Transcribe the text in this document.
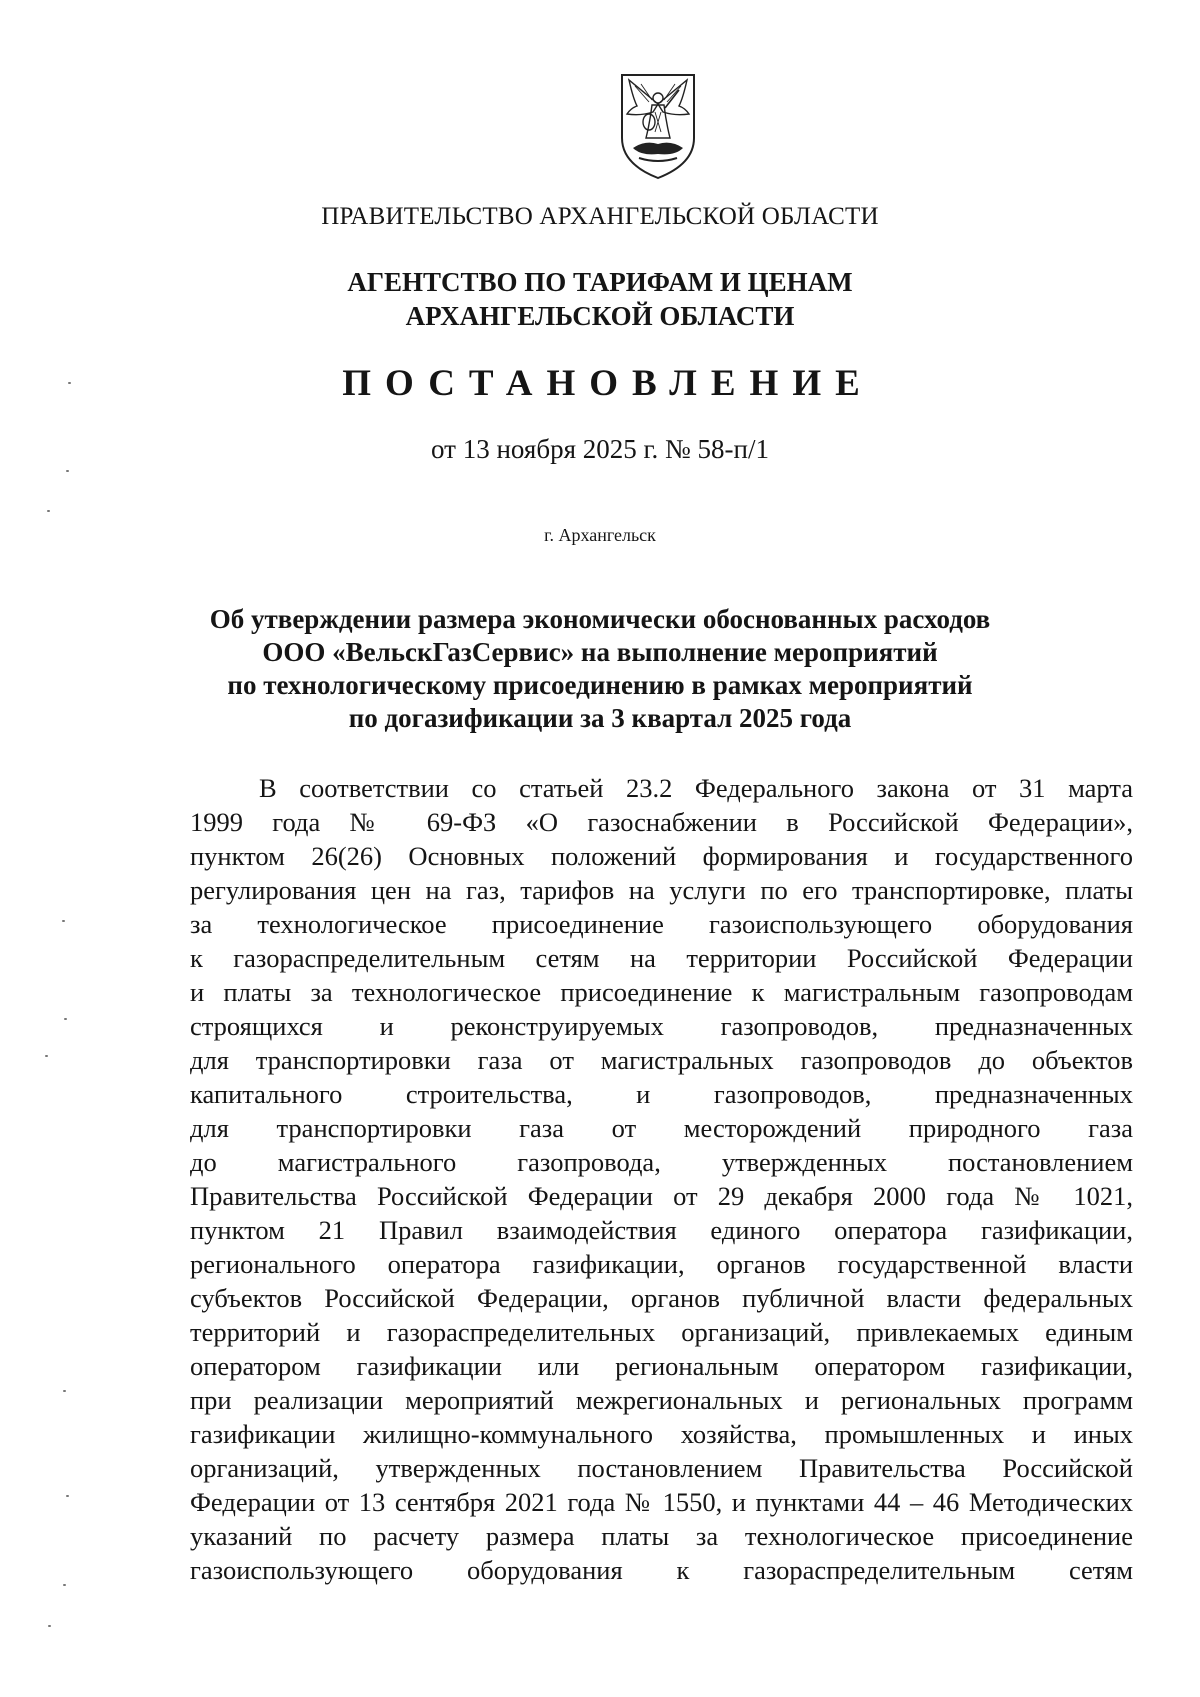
ПРАВИТЕЛЬСТВО АРХАНГЕЛЬСКОЙ ОБЛАСТИ
АГЕНТСТВО ПО ТАРИФАМ И ЦЕНАМ
АРХАНГЕЛЬСКОЙ ОБЛАСТИ
ПОСТАНОВЛЕНИЕ
от 13 ноября 2025 г. № 58-п/1
г. Архангельск
Об утверждении размера экономически обоснованных расходов
ООО «ВельскГазСервис» на выполнение мероприятий
по технологическому присоединению в рамках мероприятий
по догазификации за 3 квартал 2025 года
В соответствии со статьей 23.2 Федерального закона от 31 марта
1999 года № 69-ФЗ «О газоснабжении в Российской Федерации»,
пунктом 26(26) Основных положений формирования и государственного
регулирования цен на газ, тарифов на услуги по его транспортировке, платы
за технологическое присоединение газоиспользующего оборудования
к газораспределительным сетям на территории Российской Федерации
и платы за технологическое присоединение к магистральным газопроводам
строящихся и реконструируемых газопроводов, предназначенных
для транспортировки газа от магистральных газопроводов до объектов
капитального строительства, и газопроводов, предназначенных
для транспортировки газа от месторождений природного газа
до магистрального газопровода, утвержденных постановлением
Правительства Российской Федерации от 29 декабря 2000 года № 1021,
пунктом 21 Правил взаимодействия единого оператора газификации,
регионального оператора газификации, органов государственной власти
субъектов Российской Федерации, органов публичной власти федеральных
территорий и газораспределительных организаций, привлекаемых единым
оператором газификации или региональным оператором газификации,
при реализации мероприятий межрегиональных и региональных программ
газификации жилищно-коммунального хозяйства, промышленных и иных
организаций, утвержденных постановлением Правительства Российской
Федерации от 13 сентября 2021 года № 1550, и пунктами 44 – 46 Методических
указаний по расчету размера платы за технологическое присоединение
газоиспользующего оборудования к газораспределительным сетям
